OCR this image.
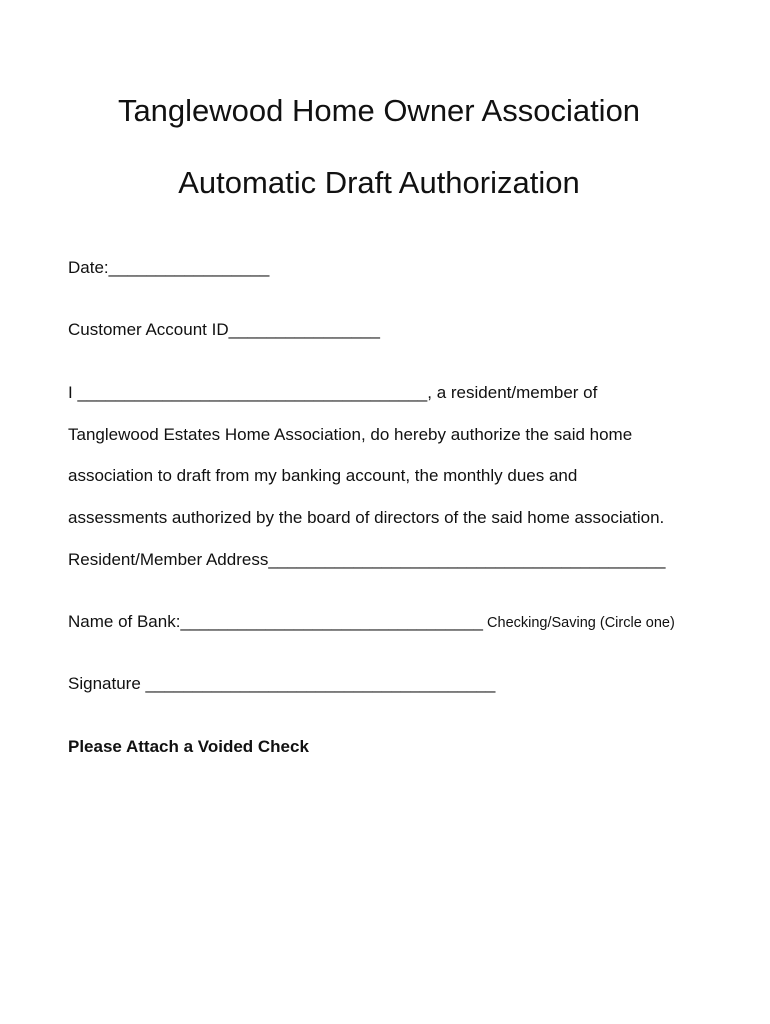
Tanglewood Home Owner Association
Automatic Draft Authorization

Date:_________________

Customer Account ID________________

I _____________________________________, a resident/member of

Tanglewood Estates Home Association, do hereby authorize the said home

association to draft from my banking account, the monthly dues and

assessments authorized by the board of directors of the said home association.

Resident/Member Address__________________________________________

Name of Bank:________________________________ Checking/Saving (Circle one)

Signature _____________________________________

Please Attach a Voided Check
